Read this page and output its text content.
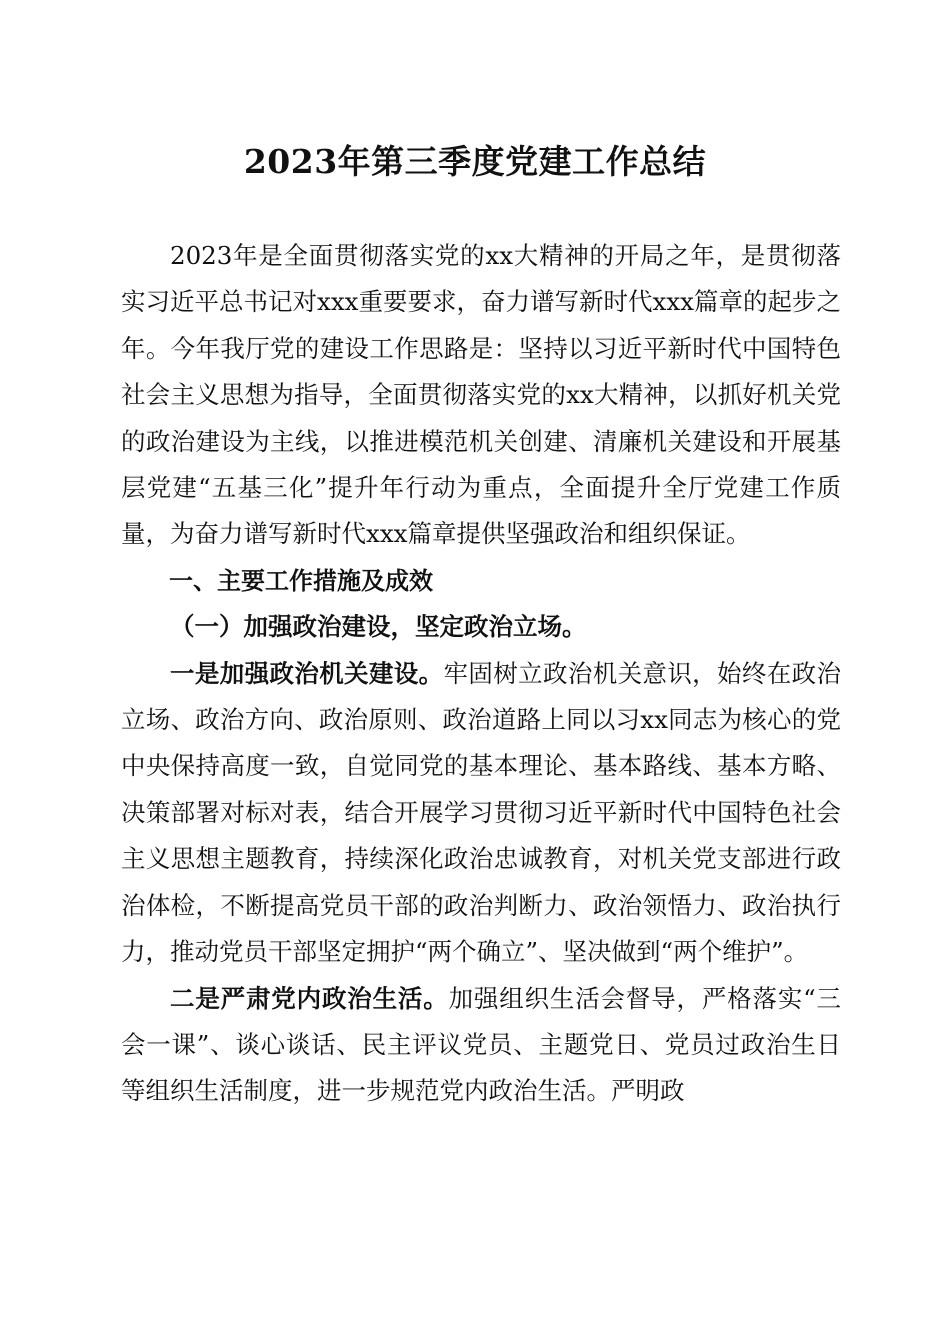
2023年第三季度党建工作总结

2023年是全面贯彻落实党的xx大精神的开局之年，是贯彻落实习近平总书记对xxx重要要求，奋力谱写新时代xxx篇章的起步之年。今年我厅党的建设工作思路是：坚持以习近平新时代中国特色社会主义思想为指导，全面贯彻落实党的xx大精神，以抓好机关党的政治建设为主线，以推进模范机关创建、清廉机关建设和开展基层党建“五基三化”提升年行动为重点，全面提升全厅党建工作质量，为奋力谱写新时代xxx篇章提供坚强政治和组织保证。

一、主要工作措施及成效

（一）加强政治建设，坚定政治立场。

一是加强政治机关建设。牢固树立政治机关意识，始终在政治立场、政治方向、政治原则、政治道路上同以习xx同志为核心的党中央保持高度一致，自觉同党的基本理论、基本路线、基本方略、决策部署对标对表，结合开展学习贯彻习近平新时代中国特色社会主义思想主题教育，持续深化政治忠诚教育，对机关党支部进行政治体检，不断提高党员干部的政治判断力、政治领悟力、政治执行力，推动党员干部坚定拥护“两个确立”、坚决做到“两个维护”。

二是严肃党内政治生活。加强组织生活会督导，严格落实“三会一课”、谈心谈话、民主评议党员、主题党日、党员过政治生日等组织生活制度，进一步规范党内政治生活。严明政
